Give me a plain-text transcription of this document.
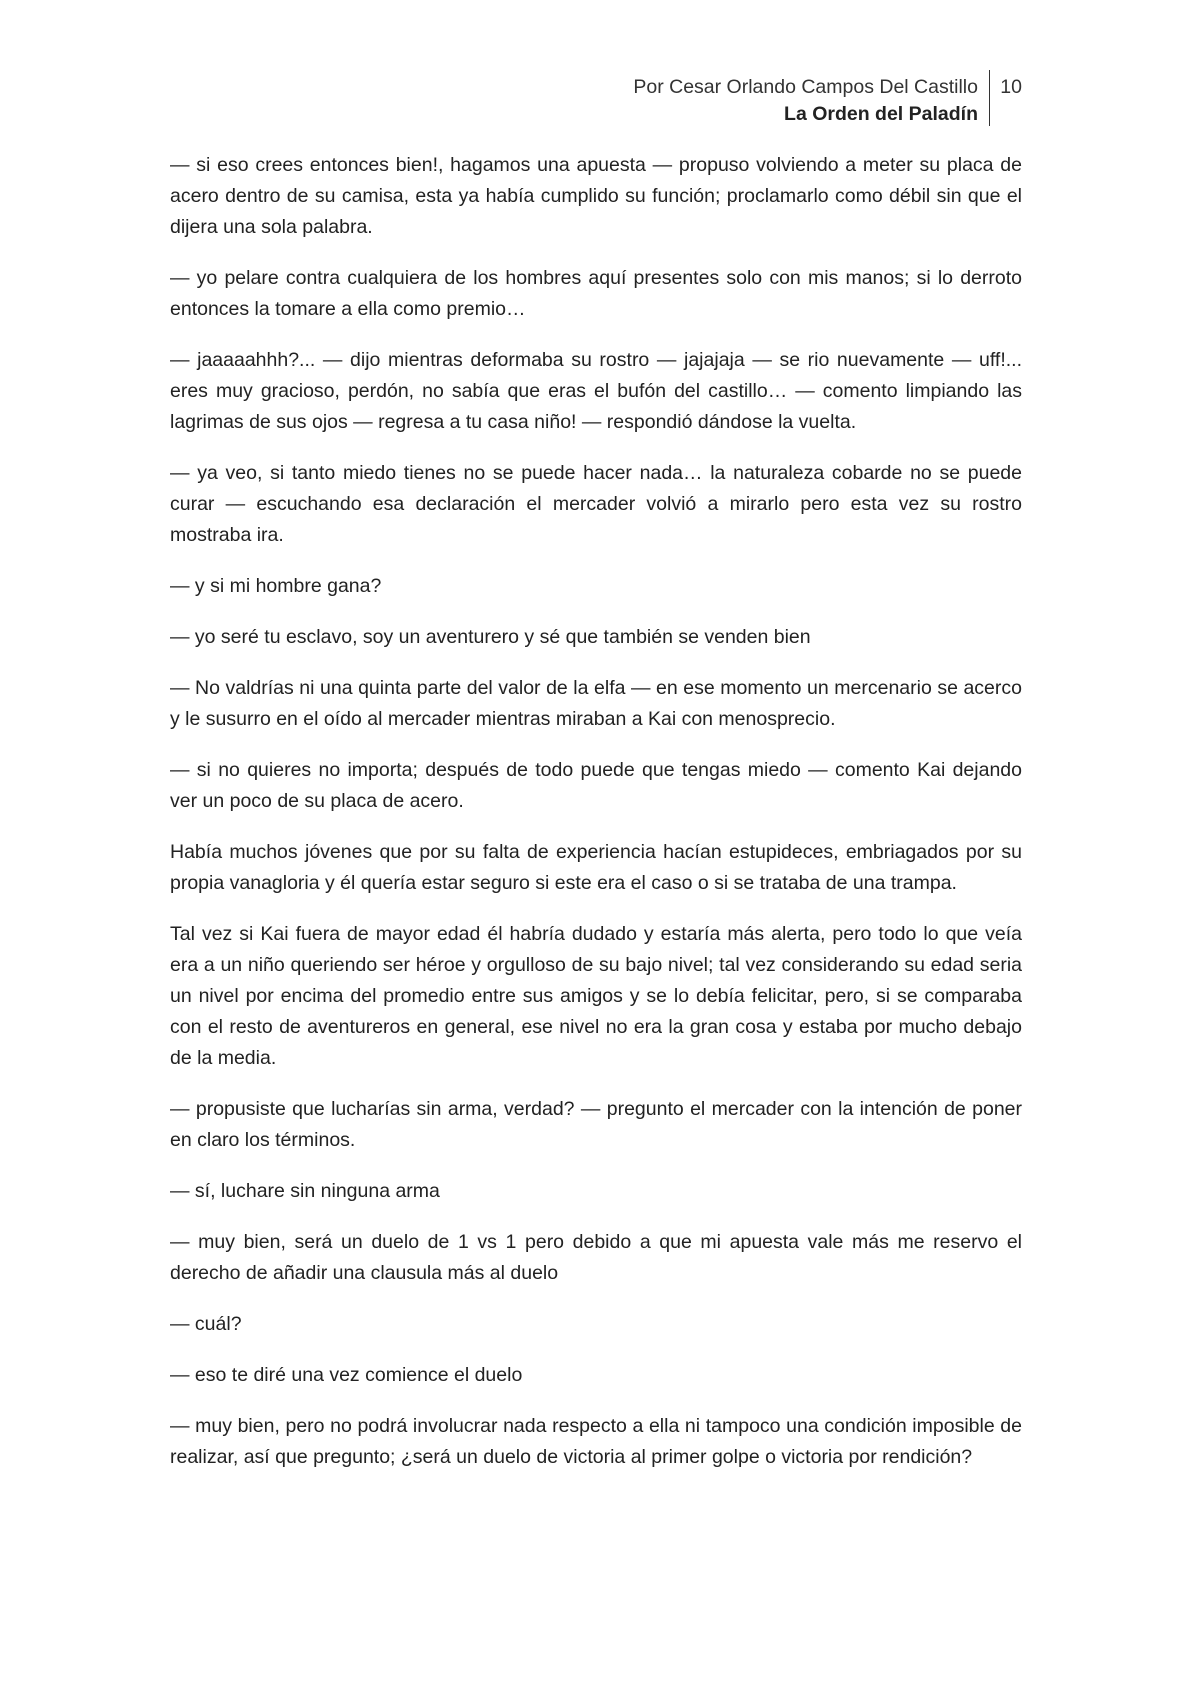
Por Cesar Orlando Campos Del Castillo
La Orden del Paladín
10

— si eso crees entonces bien!, hagamos una apuesta — propuso volviendo a meter su placa de acero dentro de su camisa, esta ya había cumplido su función; proclamarlo como débil sin que el dijera una sola palabra.

— yo pelare contra cualquiera de los hombres aquí presentes solo con mis manos; si lo derroto entonces la tomare a ella como premio…

— jaaaaahhh?... — dijo mientras deformaba su rostro — jajajaja — se rio nuevamente — uff!... eres muy gracioso, perdón, no sabía que eras el bufón del castillo… — comento limpiando las lagrimas de sus ojos — regresa a tu casa niño! — respondió dándose la vuelta.

— ya veo, si tanto miedo tienes no se puede hacer nada… la naturaleza cobarde no se puede curar — escuchando esa declaración el mercader volvió a mirarlo pero esta vez su rostro mostraba ira.

— y si mi hombre gana?

— yo seré tu esclavo, soy un aventurero y sé que también se venden bien

— No valdrías ni una quinta parte del valor de la elfa — en ese momento un mercenario se acerco y le susurro en el oído al mercader mientras miraban a Kai con menosprecio.

— si no quieres no importa; después de todo puede que tengas miedo — comento Kai dejando ver un poco de su placa de acero.

Había muchos jóvenes que por su falta de experiencia hacían estupideces, embriagados por su propia vanagloria y él quería estar seguro si este era el caso o si se trataba de una trampa.

Tal vez si Kai fuera de mayor edad él habría dudado y estaría más alerta, pero todo lo que veía era a un niño queriendo ser héroe y orgulloso de su bajo nivel; tal vez considerando su edad seria un nivel por encima del promedio entre sus amigos y se lo debía felicitar, pero, si se comparaba con el resto de aventureros en general, ese nivel no era la gran cosa y estaba por mucho debajo de la media.

— propusiste que lucharías sin arma, verdad? — pregunto el mercader con la intención de poner en claro los términos.

— sí, luchare sin ninguna arma

— muy bien, será un duelo de 1 vs 1 pero debido a que mi apuesta vale más me reservo el derecho de añadir una clausula más al duelo

— cuál?

— eso te diré una vez comience el duelo

— muy bien, pero no podrá involucrar nada respecto a ella ni tampoco una condición imposible de realizar, así que pregunto; ¿será un duelo de victoria al primer golpe o victoria por rendición?
